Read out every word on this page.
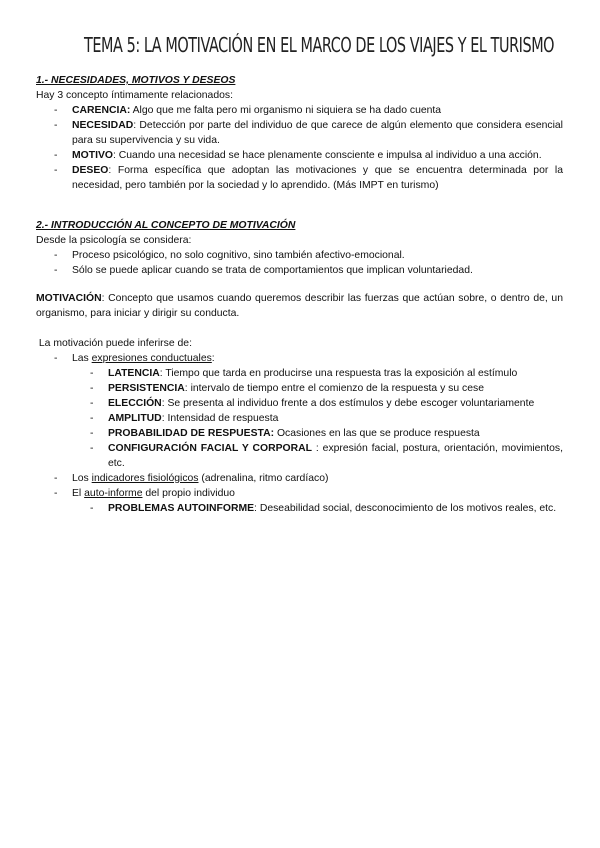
TEMA 5: LA MOTIVACIÓN EN EL MARCO DE LOS VIAJES Y EL TURISMO
1.- NECESIDADES, MOTIVOS Y DESEOS
Hay 3 concepto íntimamente relacionados:
- CARENCIA: Algo que me falta pero mi organismo ni siquiera se ha dado cuenta
- NECESIDAD: Detección por parte del individuo de que carece de algún elemento que considera esencial para su supervivencia y su vida.
- MOTIVO: Cuando una necesidad se hace plenamente consciente e impulsa al individuo a una acción.
- DESEO: Forma específica que adoptan las motivaciones y que se encuentra determinada por la necesidad, pero también por la sociedad y lo aprendido. (Más IMPT en turismo)
2.- INTRODUCCIÓN AL CONCEPTO DE MOTIVACIÓN
Desde la psicología se considera:
- Proceso psicológico, no solo cognitivo, sino también afectivo-emocional.
- Sólo se puede aplicar cuando se trata de comportamientos que implican voluntariedad.
MOTIVACIÓN: Concepto que usamos cuando queremos describir las fuerzas que actúan sobre, o dentro de, un organismo, para iniciar y dirigir su conducta.
La motivación puede inferirse de:
- Las expresiones conductuales:
- LATENCIA: Tiempo que tarda en producirse una respuesta tras la exposición al estímulo
- PERSISTENCIA: intervalo de tiempo entre el comienzo de la respuesta y su cese
- ELECCIÓN: Se presenta al individuo frente a dos estímulos y debe escoger voluntariamente
- AMPLITUD: Intensidad de respuesta
- PROBABILIDAD DE RESPUESTA: Ocasiones en las que se produce respuesta
- CONFIGURACIÓN FACIAL Y CORPORAL : expresión facial, postura, orientación, movimientos, etc.
- Los indicadores fisiológicos (adrenalina, ritmo cardíaco)
- El auto-informe del propio individuo
- PROBLEMAS AUTOINFORME: Deseabilidad social, desconocimiento de los motivos reales, etc.
